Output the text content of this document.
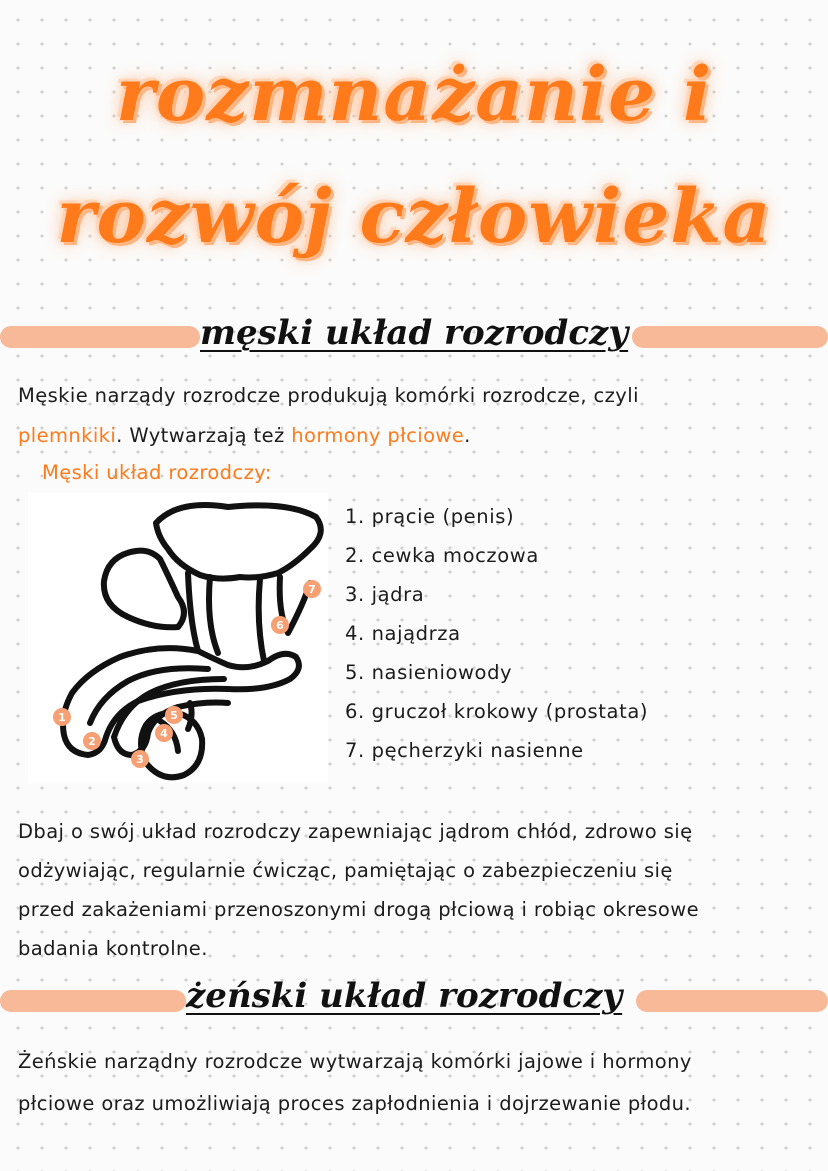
rozmnażanie i
rozwój człowieka
męski układ rozrodczy
Męskie narządy rozrodcze produkują komórki rozrodcze, czyli
plemnkiki. Wytwarzają też hormony płciowe.
Męski układ rozrodczy:
1
2
3
4
5
6
7
1. prącie (penis)
2. cewka moczowa
3. jądra
4. najądrza
5. nasieniowody
6. gruczoł krokowy (prostata)
7. pęcherzyki nasienne
Dbaj o swój układ rozrodczy zapewniając jądrom chłód, zdrowo się
odżywiając, regularnie ćwicząc, pamiętając o zabezpieczeniu się
przed zakażeniami przenoszonymi drogą płciową i robiąc okresowe
badania kontrolne.
żeński układ rozrodczy
Żeńskie narządny rozrodcze wytwarzają komórki jajowe i hormony
płciowe oraz umożliwiają proces zapłodnienia i dojrzewanie płodu.
